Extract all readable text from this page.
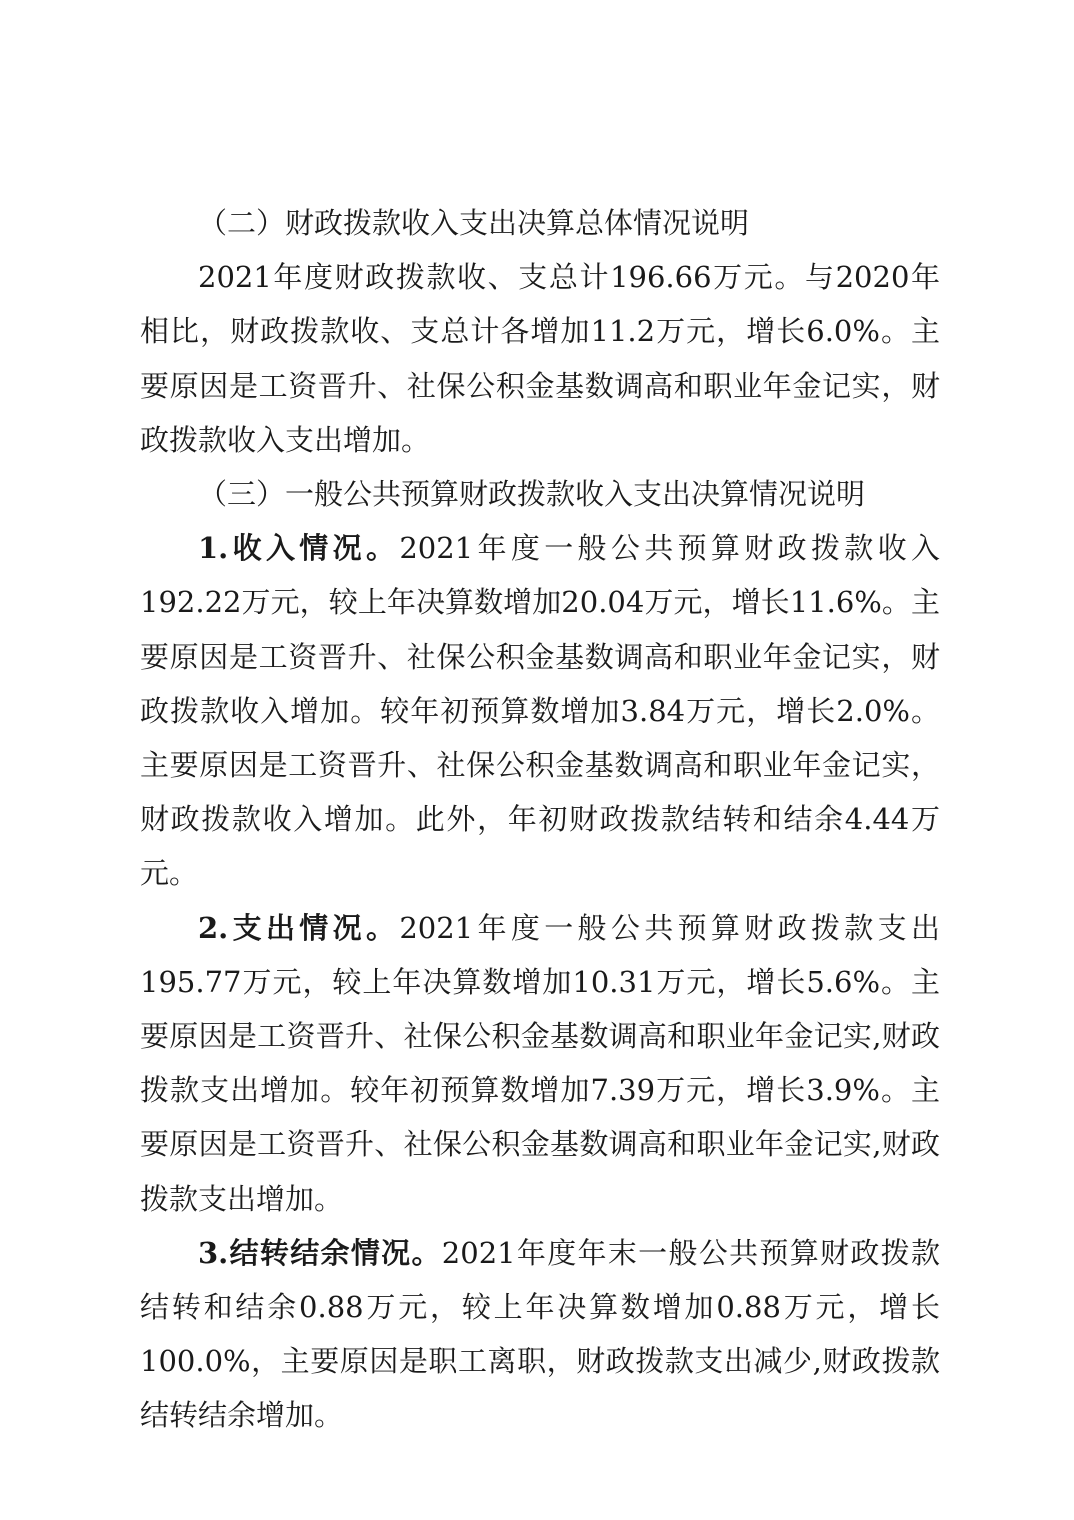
（二）财政拨款收入支出决算总体情况说明

2021年度财政拨款收、支总计196.66万元。与2020年相比，财政拨款收、支总计各增加11.2万元，增长6.0%。主要原因是工资晋升、社保公积金基数调高和职业年金记实，财政拨款收入支出增加。

（三）一般公共预算财政拨款收入支出决算情况说明

1.收入情况。2021年度一般公共预算财政拨款收入192.22万元，较上年决算数增加20.04万元，增长11.6%。主要原因是工资晋升、社保公积金基数调高和职业年金记实，财政拨款收入增加。较年初预算数增加3.84万元，增长2.0%。主要原因是工资晋升、社保公积金基数调高和职业年金记实，财政拨款收入增加。此外，年初财政拨款结转和结余4.44万元。

2.支出情况。2021年度一般公共预算财政拨款支出195.77万元，较上年决算数增加10.31万元，增长5.6%。主要原因是工资晋升、社保公积金基数调高和职业年金记实,财政拨款支出增加。较年初预算数增加7.39万元，增长3.9%。主要原因是工资晋升、社保公积金基数调高和职业年金记实,财政拨款支出增加。

3.结转结余情况。2021年度年末一般公共预算财政拨款结转和结余0.88万元，较上年决算数增加0.88万元，增长100.0%，主要原因是职工离职，财政拨款支出减少,财政拨款结转结余增加。
